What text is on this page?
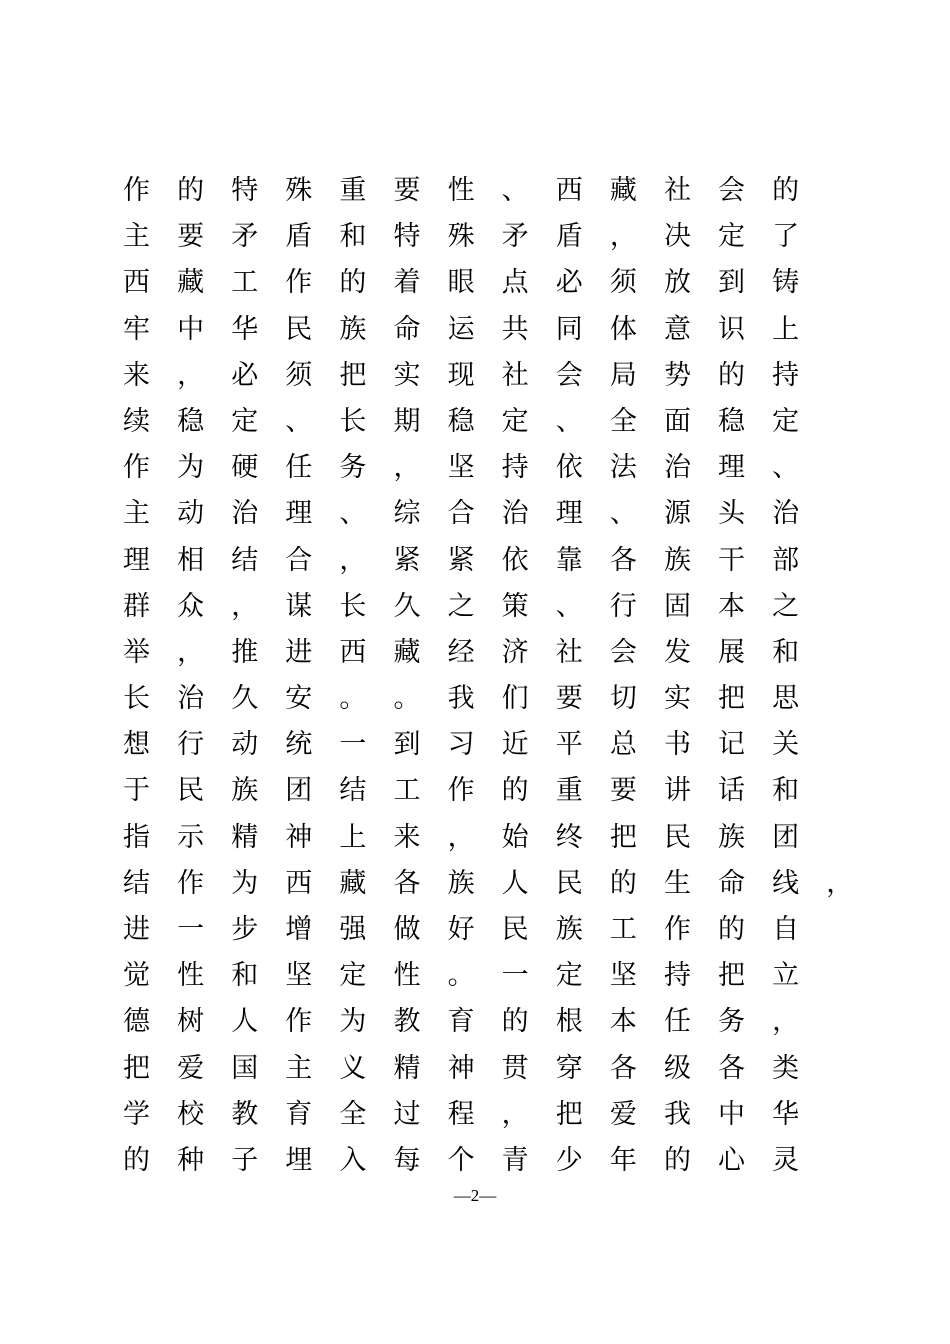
作	的	特	殊	重	要	性	、	西	藏	社	会	的
主	要	矛	盾	和	特	殊	矛	盾	，	决	定	了
西	藏	工	作	的	着	眼	点	必	须	放	到	铸
牢	中	华	民	族	命	运	共	同	体	意	识	上
来	，	必	须	把	实	现	社	会	局	势	的	持
续	稳	定	、	长	期	稳	定	、	全	面	稳	定
作	为	硬	任	务	，	坚	持	依	法	治	理	、
主	动	治	理	、	综	合	治	理	、	源	头	治
理	相	结	合	，	紧	紧	依	靠	各	族	干	部
群	众	，	谋	长	久	之	策	、	行	固	本	之
举	，	推	进	西	藏	经	济	社	会	发	展	和
长	治	久	安	。	。	我	们	要	切	实	把	思
想	行	动	统	一	到	习	近	平	总	书	记	关
于	民	族	团	结	工	作	的	重	要	讲	话	和
指	示	精	神	上	来	，	始	终	把	民	族	团
结	作	为	西	藏	各	族	人	民	的	生	命	线	，
进	一	步	增	强	做	好	民	族	工	作	的	自
觉	性	和	坚	定	性	。	一	定	坚	持	把	立
德	树	人	作	为	教	育	的	根	本	任	务	，
把	爱	国	主	义	精	神	贯	穿	各	级	各	类
学	校	教	育	全	过	程	，	把	爱	我	中	华
的	种	子	埋	入	每	个	青	少	年	的	心	灵
—2—
